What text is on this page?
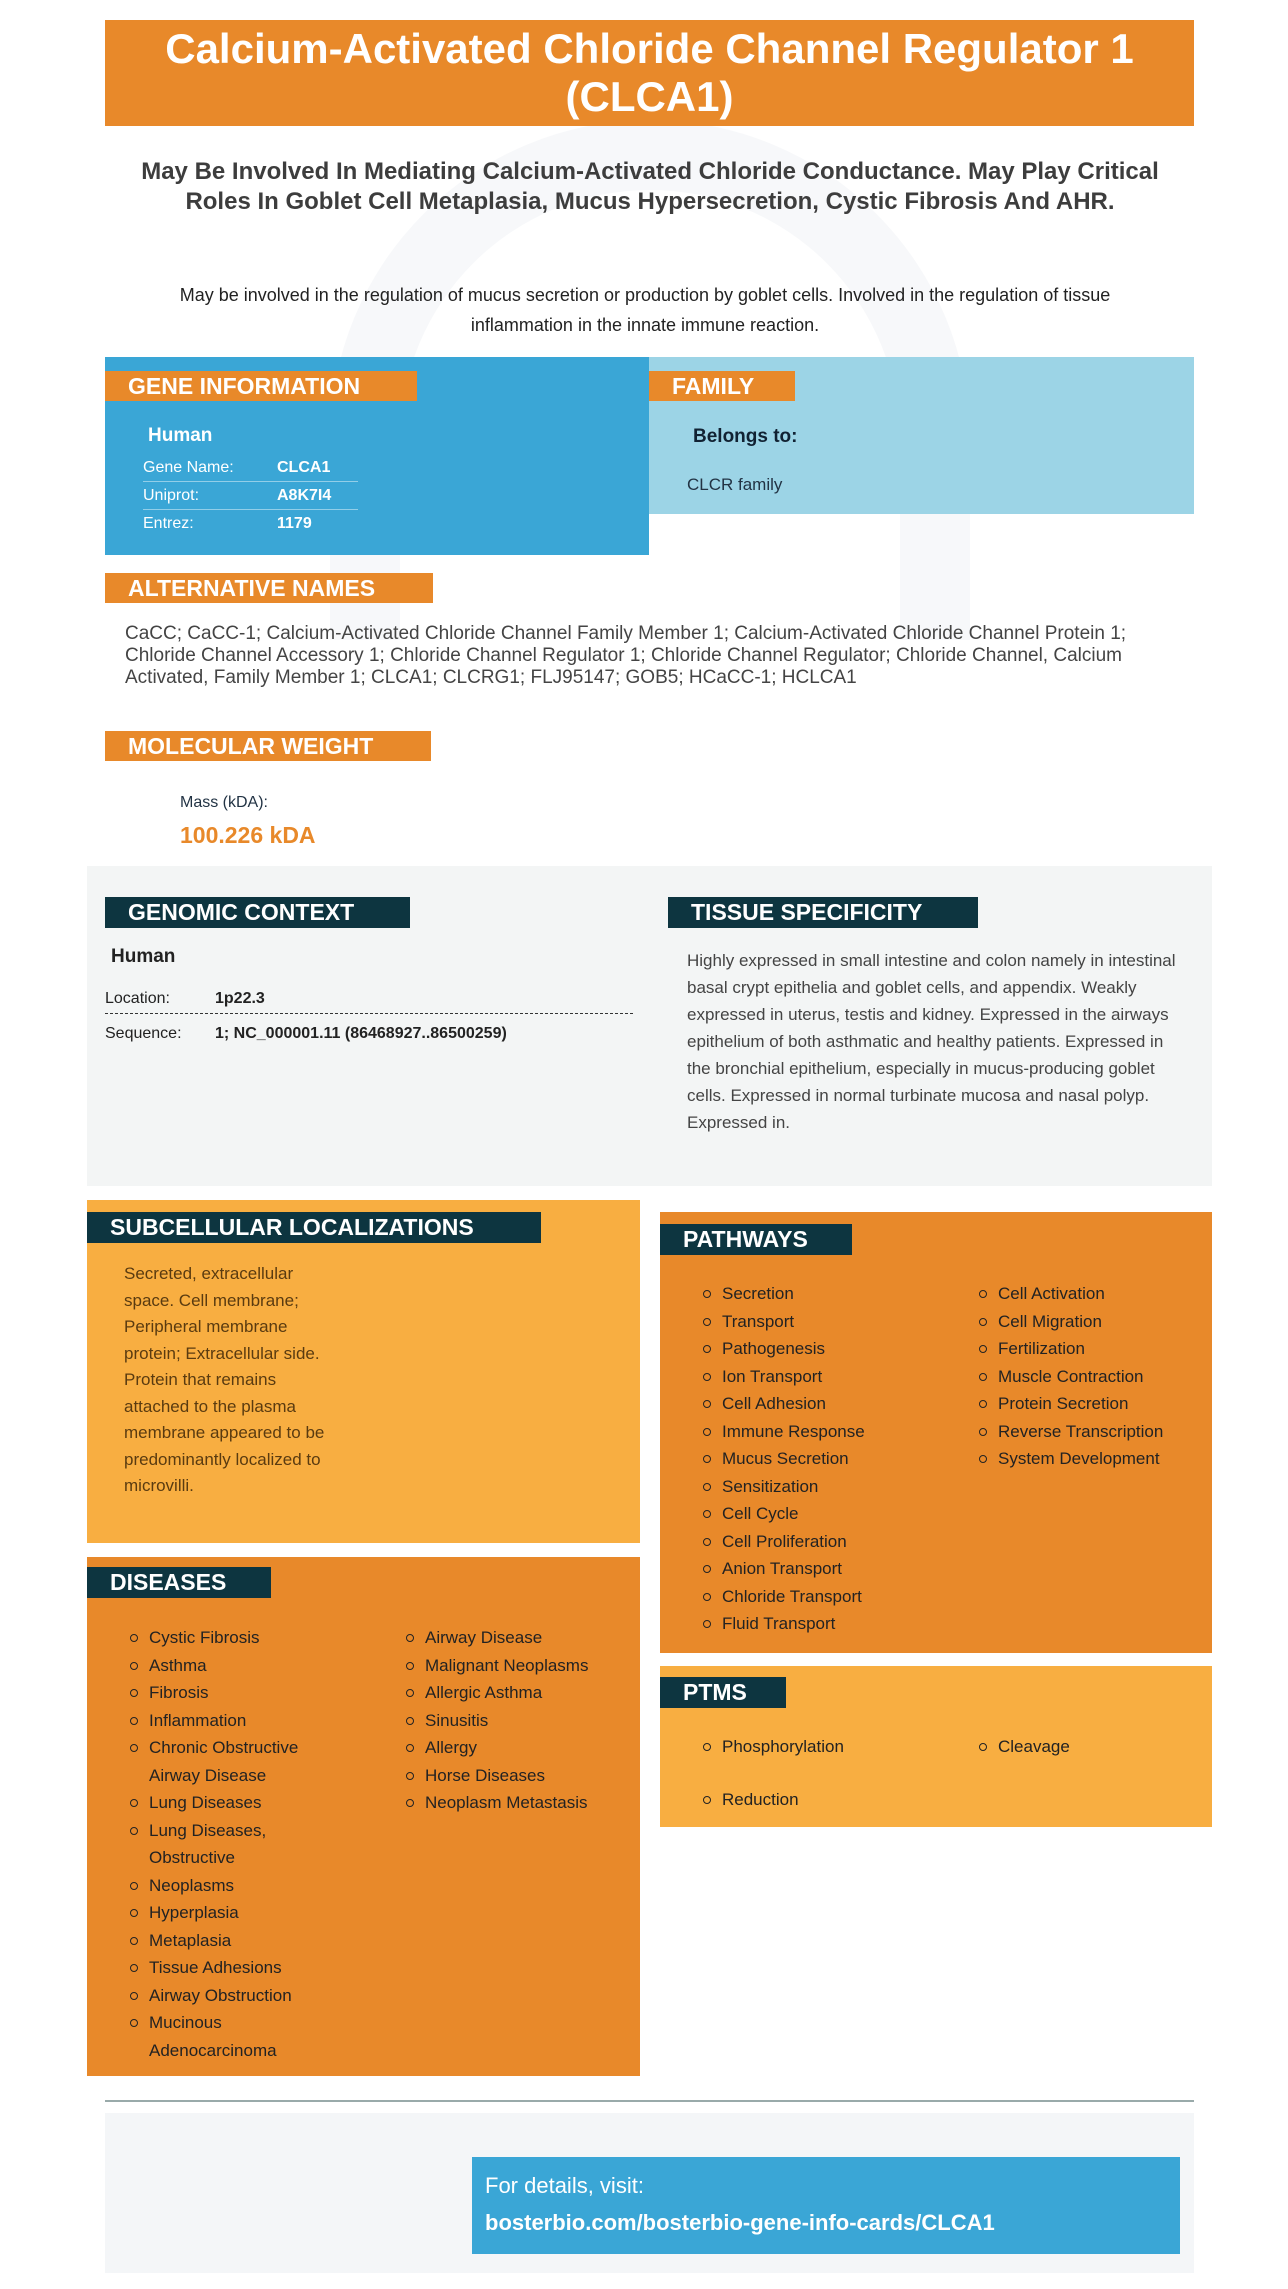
Calcium-Activated Chloride Channel Regulator 1 (CLCA1)
May Be Involved In Mediating Calcium-Activated Chloride Conductance. May Play Critical Roles In Goblet Cell Metaplasia, Mucus Hypersecretion, Cystic Fibrosis And AHR.
May be involved in the regulation of mucus secretion or production by goblet cells. Involved in the regulation of tissue inflammation in the innate immune reaction.
GENE INFORMATION
Human
Gene Name:	CLCA1
Uniprot:	A8K7I4
Entrez:	1179
FAMILY
Belongs to:
CLCR family
ALTERNATIVE NAMES
CaCC; CaCC-1; Calcium-Activated Chloride Channel Family Member 1; Calcium-Activated Chloride Channel Protein 1; Chloride Channel Accessory 1; Chloride Channel Regulator 1; Chloride Channel Regulator; Chloride Channel, Calcium Activated, Family Member 1; CLCA1; CLCRG1; FLJ95147; GOB5; HCaCC-1; HCLCA1
MOLECULAR WEIGHT
Mass (kDA):
100.226 kDA
GENOMIC CONTEXT
Human
Location:	1p22.3
Sequence:	1; NC_000001.11 (86468927..86500259)
TISSUE SPECIFICITY
Highly expressed in small intestine and colon namely in intestinal basal crypt epithelia and goblet cells, and appendix. Weakly expressed in uterus, testis and kidney. Expressed in the airways epithelium of both asthmatic and healthy patients. Expressed in the bronchial epithelium, especially in mucus-producing goblet cells. Expressed in normal turbinate mucosa and nasal polyp. Expressed in.
SUBCELLULAR LOCALIZATIONS
Secreted, extracellular space. Cell membrane; Peripheral membrane protein; Extracellular side. Protein that remains attached to the plasma membrane appeared to be predominantly localized to microvilli.
PATHWAYS
Secretion
Transport
Pathogenesis
Ion Transport
Cell Adhesion
Immune Response
Mucus Secretion
Sensitization
Cell Cycle
Cell Proliferation
Anion Transport
Chloride Transport
Fluid Transport
Cell Activation
Cell Migration
Fertilization
Muscle Contraction
Protein Secretion
Reverse Transcription
System Development
DISEASES
Cystic Fibrosis
Asthma
Fibrosis
Inflammation
Chronic Obstructive Airway Disease
Lung Diseases
Lung Diseases, Obstructive
Neoplasms
Hyperplasia
Metaplasia
Tissue Adhesions
Airway Obstruction
Mucinous Adenocarcinoma
Airway Disease
Malignant Neoplasms
Allergic Asthma
Sinusitis
Allergy
Horse Diseases
Neoplasm Metastasis
PTMS
Phosphorylation
Reduction
Cleavage
For details, visit:
bosterbio.com/bosterbio-gene-info-cards/CLCA1
